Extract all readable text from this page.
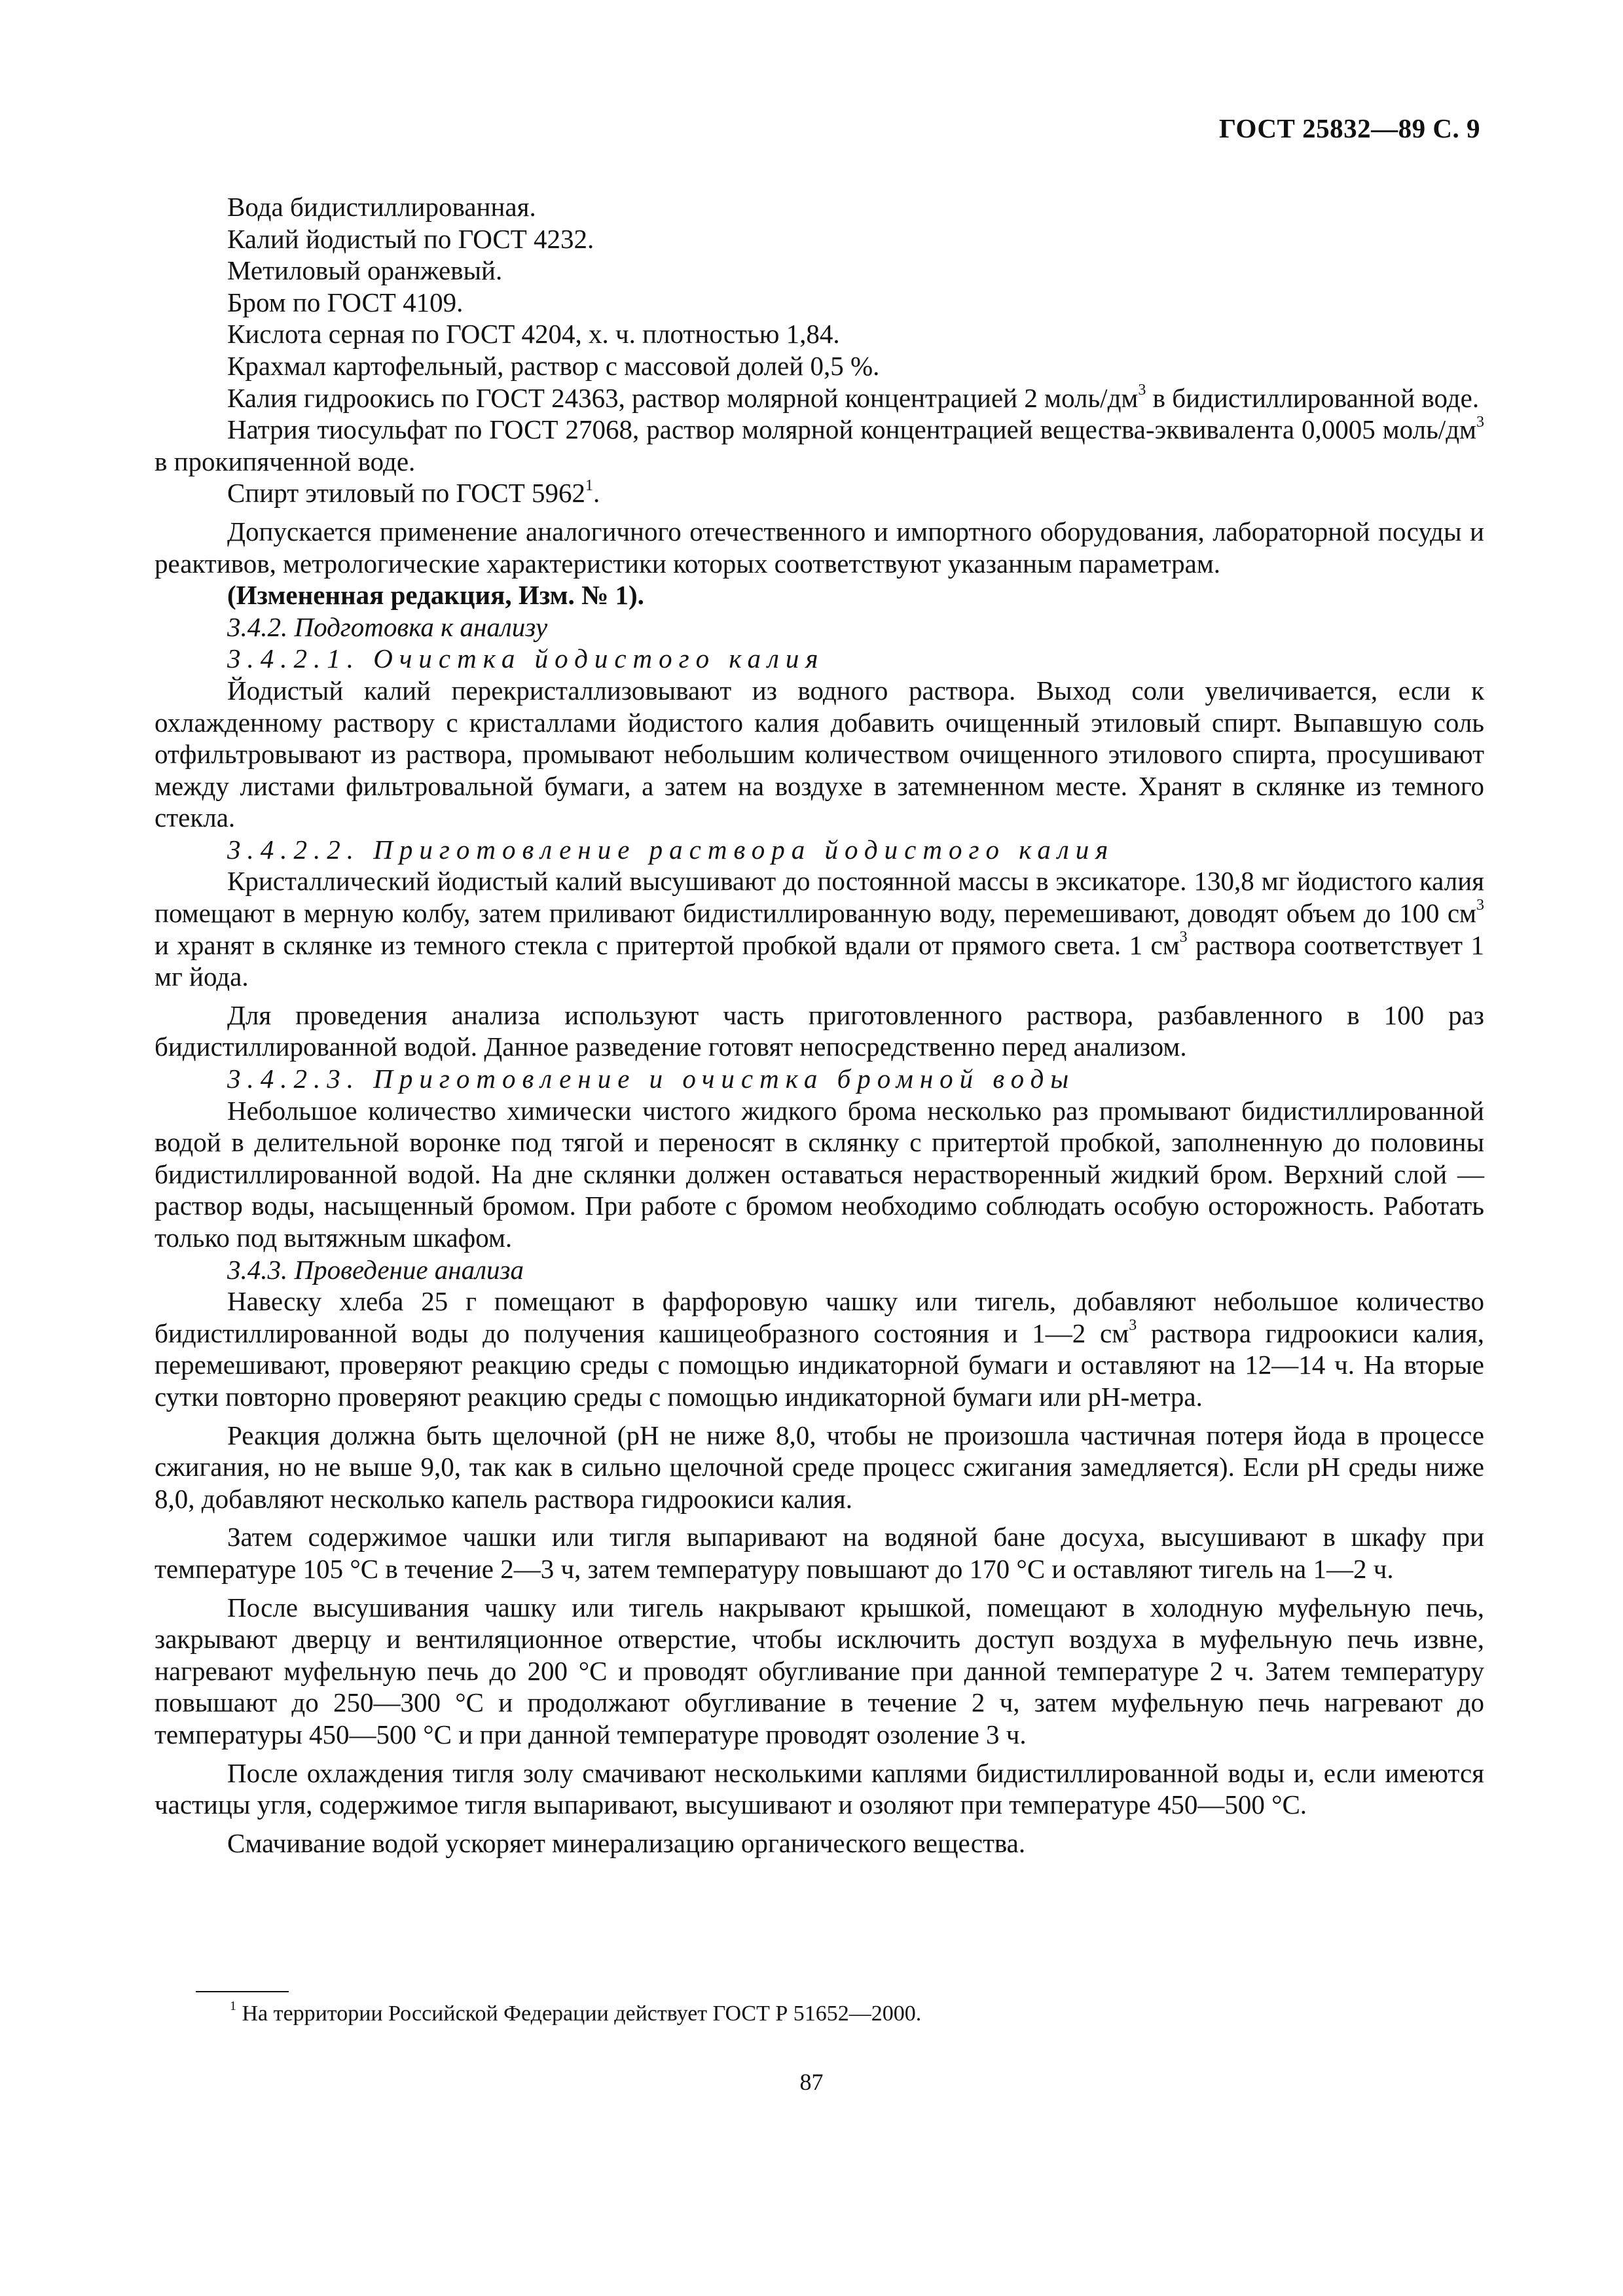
ГОСТ 25832—89 С. 9

Вода бидистиллированная.

Калий йодистый по ГОСТ 4232.

Метиловый оранжевый.

Бром по ГОСТ 4109.

Кислота серная по ГОСТ 4204, х. ч. плотностью 1,84.

Крахмал картофельный, раствор с массовой долей 0,5 %.

Калия гидроокись по ГОСТ 24363, раствор молярной концентрацией 2 моль/$дм^3$ в бидистиллированной воде.

Натрия тиосульфат по ГОСТ 27068, раствор молярной концентрацией вещества-эквивалента 0,0005 моль/$дм^3$ в прокипяченной воде.

Спирт этиловый по ГОСТ 5962$^1$.

Допускается применение аналогичного отечественного и импортного оборудования, лабораторной посуды и реактивов, метрологические характеристики которых соответствуют указанным параметрам.

(Измененная редакция, Изм. № 1).

3.4.2. Подготовка к анализу

3.4.2.1. Очистка йодистого калия

Йодистый калий перекристаллизовывают из водного раствора. Выход соли увеличивается, если к охлажденному раствору с кристаллами йодистого калия добавить очищенный этиловый спирт. Выпавшую соль отфильтровывают из раствора, промывают небольшим количеством очищенного этилового спирта, просушивают между листами фильтровальной бумаги, а затем на воздухе в затемненном месте. Хранят в склянке из темного стекла.

3.4.2.2. Приготовление раствора йодистого калия

Кристаллический йодистый калий высушивают до постоянной массы в эксикаторе. 130,8 мг йодистого калия помещают в мерную колбу, затем приливают бидистиллированную воду, перемешивают, доводят объем до 100 $см^3$ и хранят в склянке из темного стекла с притертой пробкой вдали от прямого света. 1 $см^3$ раствора соответствует 1 мг йода.

Для проведения анализа используют часть приготовленного раствора, разбавленного в 100 раз бидистиллированной водой. Данное разведение готовят непосредственно перед анализом.

3.4.2.3. Приготовление и очистка бромной воды

Небольшое количество химически чистого жидкого брома несколько раз промывают бидистиллированной водой в делительной воронке под тягой и переносят в склянку с притертой пробкой, заполненную до половины бидистиллированной водой. На дне склянки должен оставаться нерастворенный жидкий бром. Верхний слой — раствор воды, насыщенный бромом. При работе с бромом необходимо соблюдать особую осторожность. Работать только под вытяжным шкафом.

3.4.3. Проведение анализа

Навеску хлеба 25 г помещают в фарфоровую чашку или тигель, добавляют небольшое количество бидистиллированной воды до получения кашицеобразного состояния и 1—2 $см^3$ раствора гидроокиси калия, перемешивают, проверяют реакцию среды с помощью индикаторной бумаги и оставляют на 12—14 ч. На вторые сутки повторно проверяют реакцию среды с помощью индикаторной бумаги или pH-метра.

Реакция должна быть щелочной (pH не ниже 8,0, чтобы не произошла частичная потеря йода в процессе сжигания, но не выше 9,0, так как в сильно щелочной среде процесс сжигания замедляется). Если pH среды ниже 8,0, добавляют несколько капель раствора гидроокиси калия.

Затем содержимое чашки или тигля выпаривают на водяной бане досуха, высушивают в шкафу при температуре 105 °С в течение 2—3 ч, затем температуру повышают до 170 °С и оставляют тигель на 1—2 ч.

После высушивания чашку или тигель накрывают крышкой, помещают в холодную муфельную печь, закрывают дверцу и вентиляционное отверстие, чтобы исключить доступ воздуха в муфельную печь извне, нагревают муфельную печь до 200 °С и проводят обугливание при данной температуре 2 ч. Затем температуру повышают до 250—300 °С и продолжают обугливание в течение 2 ч, затем муфельную печь нагревают до температуры 450—500 °С и при данной температуре проводят озоление 3 ч.

После охлаждения тигля золу смачивают несколькими каплями бидистиллированной воды и, если имеются частицы угля, содержимое тигля выпаривают, высушивают и озоляют при температуре 450—500 °С.

Смачивание водой ускоряет минерализацию органического вещества.

$^1$ На территории Российской Федерации действует ГОСТ Р 51652—2000.
87
